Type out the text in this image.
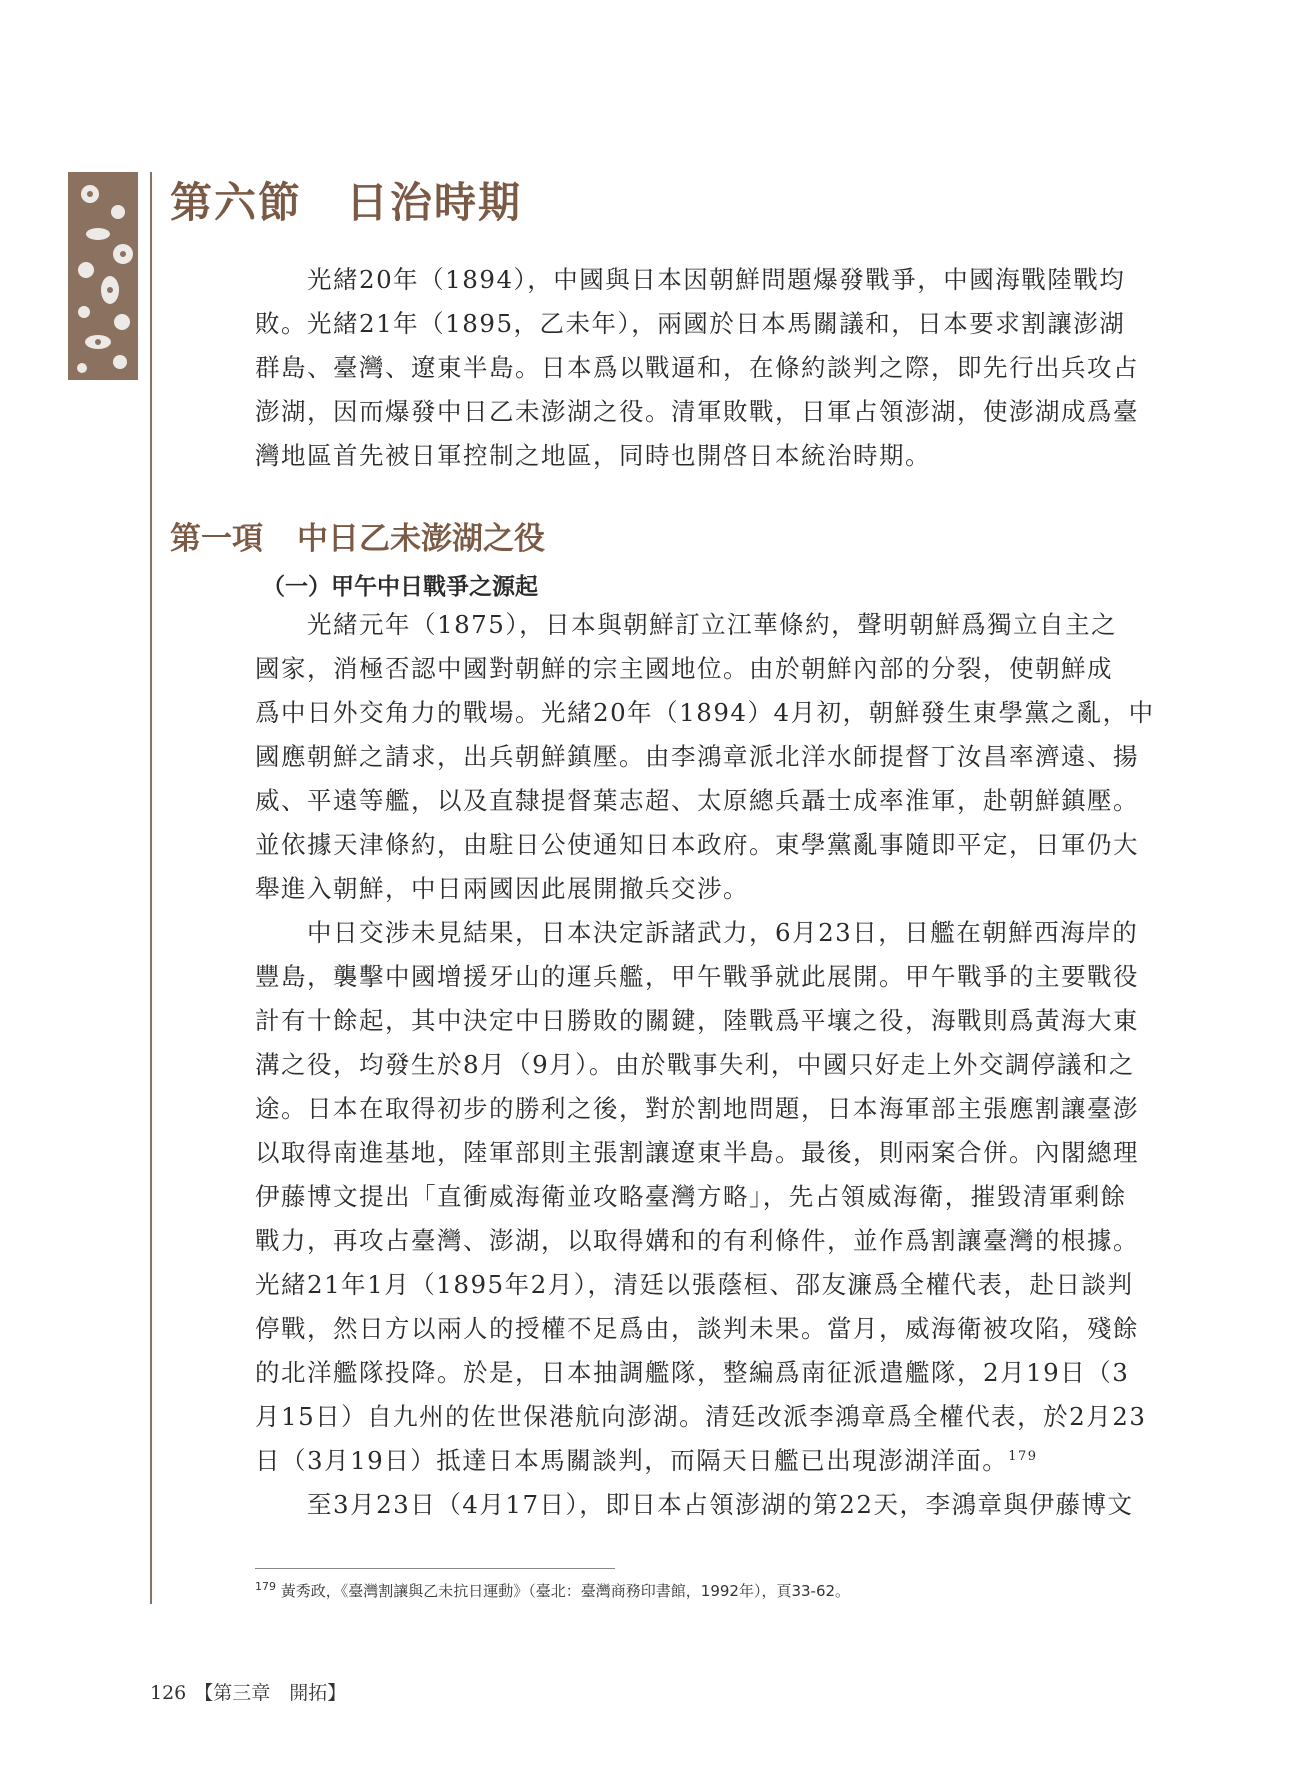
第六節 日治時期
光緒20年（1894），中國與日本因朝鮮問題爆發戰爭，中國海戰陸戰均
敗。光緒21年（1895，乙未年），兩國於日本馬關議和，日本要求割讓澎湖
群島、臺灣、遼東半島。日本爲以戰逼和，在條約談判之際，即先行出兵攻占
澎湖，因而爆發中日乙未澎湖之役。清軍敗戰，日軍占領澎湖，使澎湖成爲臺
灣地區首先被日軍控制之地區，同時也開啓日本統治時期。
第一項 中日乙未澎湖之役
（一）甲午中日戰爭之源起
光緒元年（1875），日本與朝鮮訂立江華條約，聲明朝鮮爲獨立自主之
國家，消極否認中國對朝鮮的宗主國地位。由於朝鮮內部的分裂，使朝鮮成
爲中日外交角力的戰場。光緒20年（1894）4月初，朝鮮發生東學黨之亂，中
國應朝鮮之請求，出兵朝鮮鎮壓。由李鴻章派北洋水師提督丁汝昌率濟遠、揚
威、平遠等艦，以及直隸提督葉志超、太原總兵聶士成率淮軍，赴朝鮮鎮壓。
並依據天津條約，由駐日公使通知日本政府。東學黨亂事隨即平定，日軍仍大
舉進入朝鮮，中日兩國因此展開撤兵交涉。
中日交涉未見結果，日本決定訴諸武力，6月23日，日艦在朝鮮西海岸的
豐島，襲擊中國增援牙山的運兵艦，甲午戰爭就此展開。甲午戰爭的主要戰役
計有十餘起，其中決定中日勝敗的關鍵，陸戰爲平壤之役，海戰則爲黃海大東
溝之役，均發生於8月（9月）。由於戰事失利，中國只好走上外交調停議和之
途。日本在取得初步的勝利之後，對於割地問題，日本海軍部主張應割讓臺澎
以取得南進基地，陸軍部則主張割讓遼東半島。最後，則兩案合併。內閣總理
伊藤博文提出「直衝威海衛並攻略臺灣方略」，先占領威海衛，摧毀清軍剩餘
戰力，再攻占臺灣、澎湖，以取得媾和的有利條件，並作爲割讓臺灣的根據。
光緒21年1月（1895年2月），清廷以張蔭桓、邵友濂爲全權代表，赴日談判
停戰，然日方以兩人的授權不足爲由，談判未果。當月，威海衛被攻陷，殘餘
的北洋艦隊投降。於是，日本抽調艦隊，整編爲南征派遣艦隊，2月19日（3
月15日）自九州的佐世保港航向澎湖。清廷改派李鴻章爲全權代表，於2月23
日（3月19日）抵達日本馬關談判，而隔天日艦已出現澎湖洋面。$^{179}$
至3月23日（4月17日），即日本占領澎湖的第22天，李鴻章與伊藤博文
$^{179}$ 黃秀政，《臺灣割讓與乙未抗日運動》（臺北：臺灣商務印書館，1992年），頁33-62。
126 【第三章　開拓】
